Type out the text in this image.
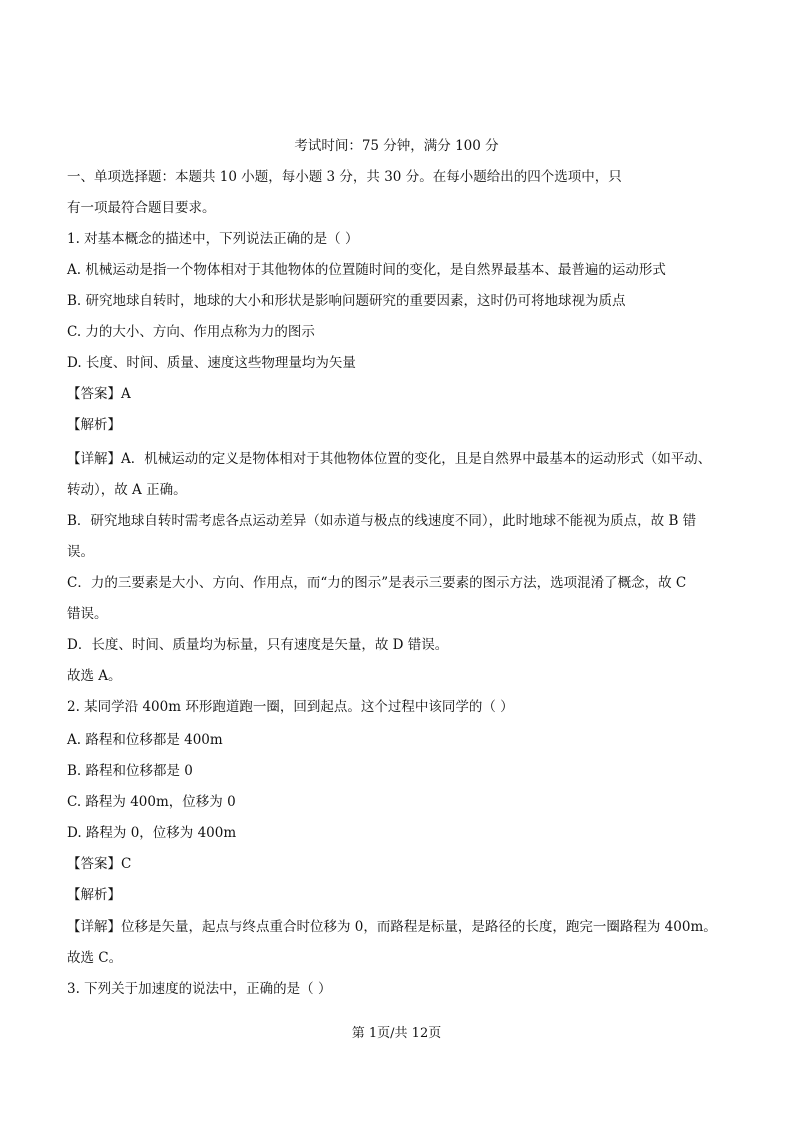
考试时间：75 分钟，满分 100 分
一、单项选择题：本题共 10 小题，每小题 3 分，共 30 分。在每小题给出的四个选项中，只
有一项最符合题目要求。
1. 对基本概念的描述中，下列说法正确的是（ ）
A. 机械运动是指一个物体相对于其他物体的位置随时间的变化，是自然界最基本、最普遍的运动形式
B. 研究地球自转时，地球的大小和形状是影响问题研究的重要因素，这时仍可将地球视为质点
C. 力的大小、方向、作用点称为力的图示
D. 长度、时间、质量、速度这些物理量均为矢量
【答案】A
【解析】
【详解】A．机械运动的定义是物体相对于其他物体位置的变化，且是自然界中最基本的运动形式（如平动、
转动），故 A 正确。
B．研究地球自转时需考虑各点运动差异（如赤道与极点的线速度不同），此时地球不能视为质点，故 B 错
误。
C．力的三要素是大小、方向、作用点，而“力的图示”是表示三要素的图示方法，选项混淆了概念，故 C
错误。
D．长度、时间、质量均为标量，只有速度是矢量，故 D 错误。
故选 A。
2. 某同学沿 400m 环形跑道跑一圈，回到起点。这个过程中该同学的（ ）
A. 路程和位移都是 400m
B. 路程和位移都是 0
C. 路程为 400m，位移为 0
D. 路程为 0，位移为 400m
【答案】C
【解析】
【详解】位移是矢量，起点与终点重合时位移为 0，而路程是标量，是路径的长度，跑完一圈路程为 400m。
故选 C。
3. 下列关于加速度的说法中，正确的是（ ）
第 1页/共 12页
